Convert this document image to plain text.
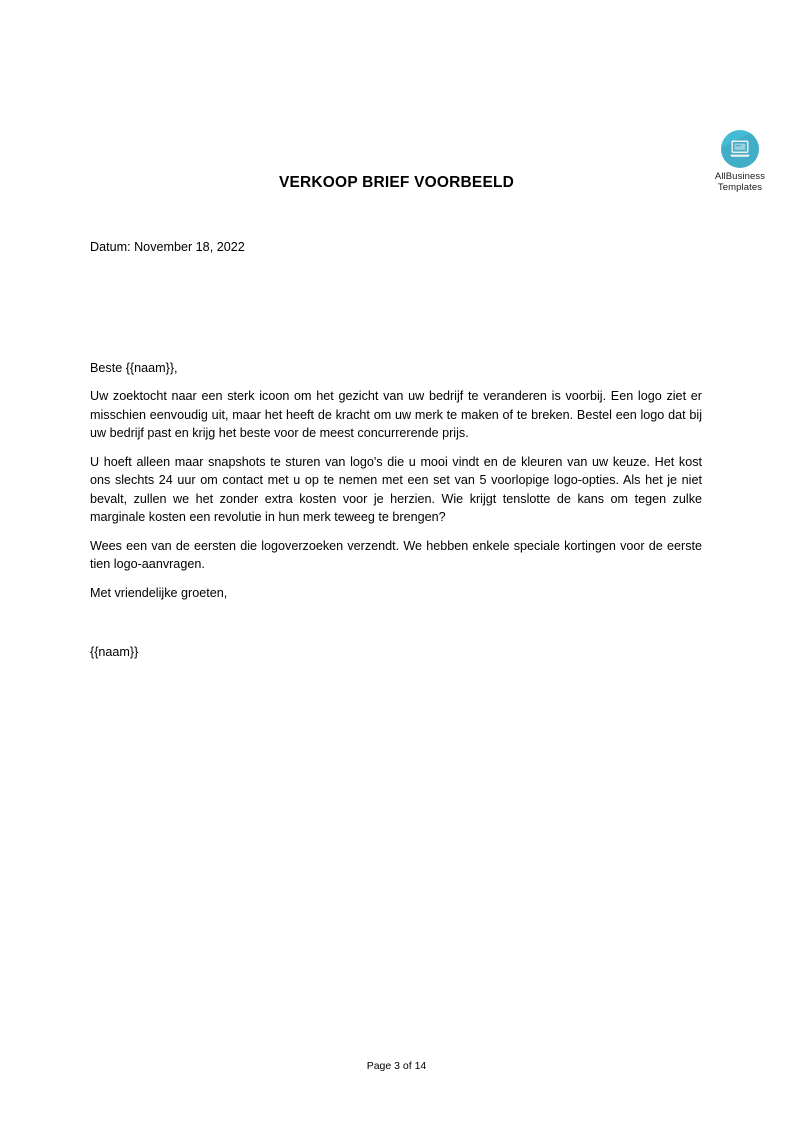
AllBusiness
Templates
VERKOOP BRIEF VOORBEELD

Datum: November 18, 2022

Beste {{naam}},

Uw zoektocht naar een sterk icoon om het gezicht van uw bedrijf te veranderen is voorbij. Een logo ziet er misschien eenvoudig uit, maar het heeft de kracht om uw merk te maken of te breken. Bestel een logo dat bij uw bedrijf past en krijg het beste voor de meest concurrerende prijs.

U hoeft alleen maar snapshots te sturen van logo's die u mooi vindt en de kleuren van uw keuze. Het kost ons slechts 24 uur om contact met u op te nemen met een set van 5 voorlopige logo-opties. Als het je niet bevalt, zullen we het zonder extra kosten voor je herzien. Wie krijgt tenslotte de kans om tegen zulke marginale kosten een revolutie in hun merk teweeg te brengen?

Wees een van de eersten die logoverzoeken verzendt. We hebben enkele speciale kortingen voor de eerste tien logo-aanvragen.

Met vriendelijke groeten,

{{naam}}

Page 3 of 14
